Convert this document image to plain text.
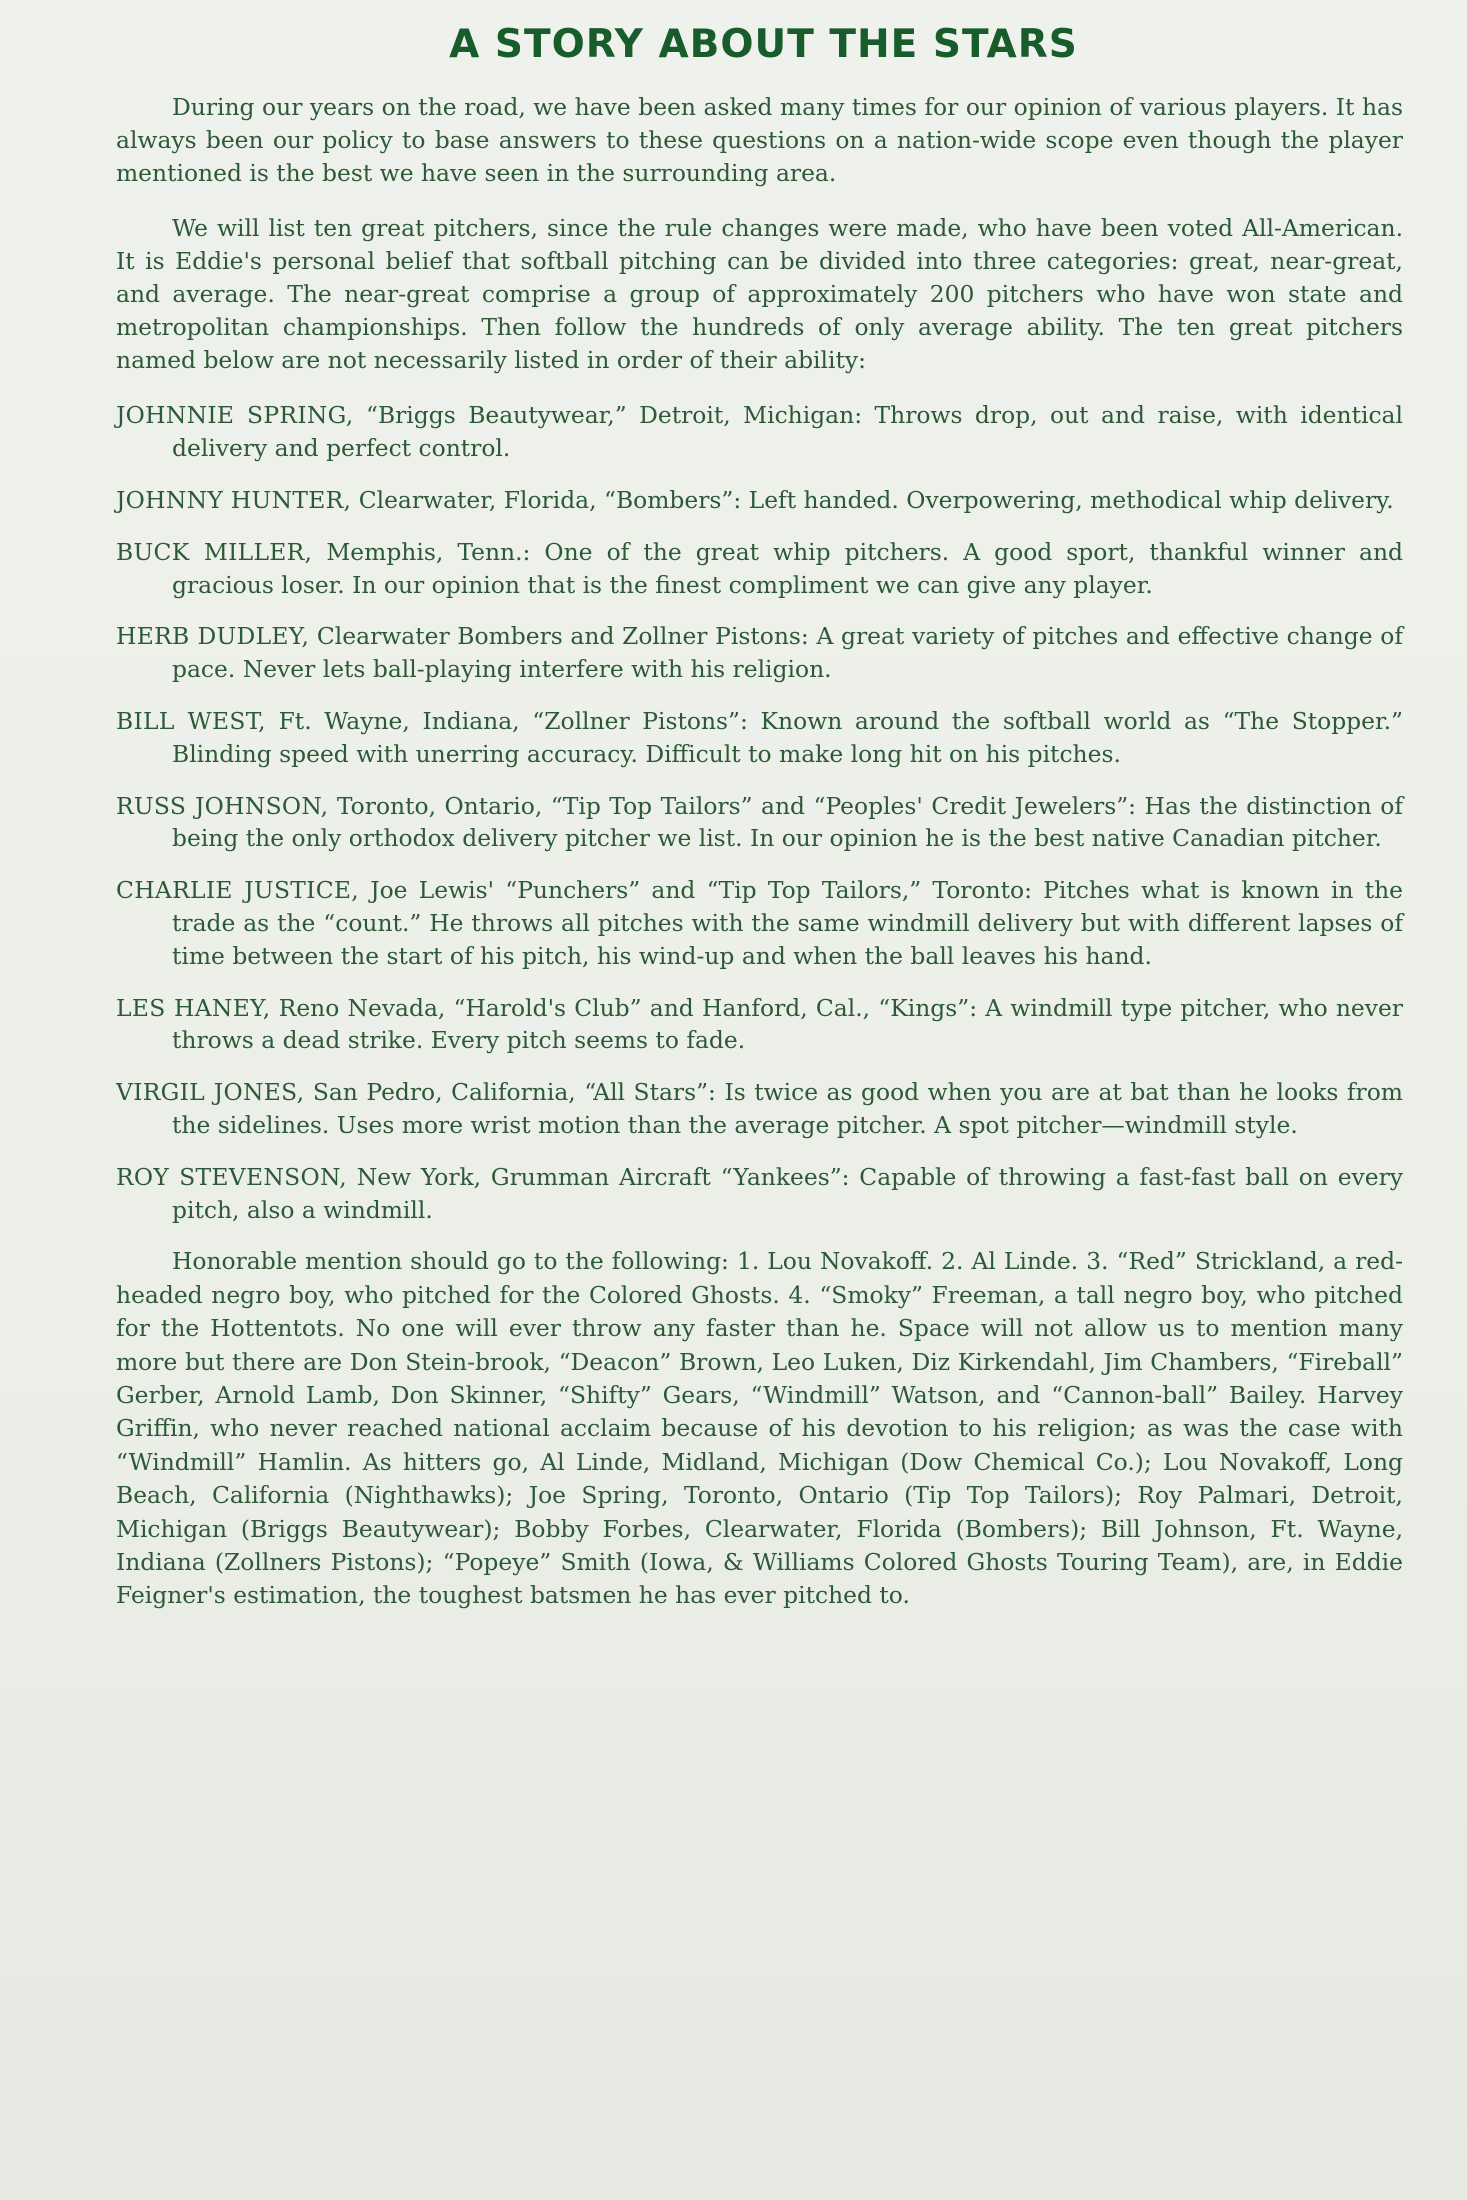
A STORY ABOUT THE STARS

During our years on the road, we have been asked many times for our opinion of various players. It has always been our policy to base answers to these questions on a nation-wide scope even though the player mentioned is the best we have seen in the surrounding area.

We will list ten great pitchers, since the rule changes were made, who have been voted All-American. It is Eddie's personal belief that softball pitching can be divided into three categories: great, near-great, and average. The near-great comprise a group of approximately 200 pitchers who have won state and metropolitan championships. Then follow the hundreds of only average ability. The ten great pitchers named below are not necessarily listed in order of their ability:

JOHNNIE SPRING, “Briggs Beautywear,” Detroit, Michigan: Throws drop, out and raise, with identical delivery and perfect control.
JOHNNY HUNTER, Clearwater, Florida, “Bombers”: Left handed. Overpowering, methodical whip delivery.
BUCK MILLER, Memphis, Tenn.: One of the great whip pitchers. A good sport, thankful winner and gracious loser. In our opinion that is the finest compliment we can give any player.
HERB DUDLEY, Clearwater Bombers and Zollner Pistons: A great variety of pitches and effective change of pace. Never lets ball-playing interfere with his religion.
BILL WEST, Ft. Wayne, Indiana, “Zollner Pistons”: Known around the softball world as “The Stopper.” Blinding speed with unerring accuracy. Difficult to make long hit on his pitches.
RUSS JOHNSON, Toronto, Ontario, “Tip Top Tailors” and “Peoples' Credit Jewelers”: Has the distinction of being the only orthodox delivery pitcher we list. In our opinion he is the best native Canadian pitcher.
CHARLIE JUSTICE, Joe Lewis' “Punchers” and “Tip Top Tailors,” Toronto: Pitches what is known in the trade as the “count.” He throws all pitches with the same windmill delivery but with different lapses of time between the start of his pitch, his wind-up and when the ball leaves his hand.
LES HANEY, Reno Nevada, “Harold's Club” and Hanford, Cal., “Kings”: A windmill type pitcher, who never throws a dead strike. Every pitch seems to fade.
VIRGIL JONES, San Pedro, California, “All Stars”: Is twice as good when you are at bat than he looks from the sidelines. Uses more wrist motion than the average pitcher. A spot pitcher—windmill style.
ROY STEVENSON, New York, Grumman Aircraft “Yankees”: Capable of throwing a fast-fast ball on every pitch, also a windmill.

Honorable mention should go to the following: 1. Lou Novakoff. 2. Al Linde. 3. “Red” Strickland, a red-headed negro boy, who pitched for the Colored Ghosts. 4. “Smoky” Freeman, a tall negro boy, who pitched for the Hottentots. No one will ever throw any faster than he. Space will not allow us to mention many more but there are Don Stein-brook, “Deacon” Brown, Leo Luken, Diz Kirkendahl, Jim Chambers, “Fireball” Gerber, Arnold Lamb, Don Skinner, “Shifty” Gears, “Windmill” Watson, and “Cannon-ball” Bailey. Harvey Griffin, who never reached national acclaim because of his devotion to his religion; as was the case with “Windmill” Hamlin. As hitters go, Al Linde, Midland, Michigan (Dow Chemical Co.); Lou Novakoff, Long Beach, California (Nighthawks); Joe Spring, Toronto, Ontario (Tip Top Tailors); Roy Palmari, Detroit, Michigan (Briggs Beautywear); Bobby Forbes, Clearwater, Florida (Bombers); Bill Johnson, Ft. Wayne, Indiana (Zollners Pistons); “Popeye” Smith (Iowa, & Williams Colored Ghosts Touring Team), are, in Eddie Feigner's estimation, the toughest batsmen he has ever pitched to.
